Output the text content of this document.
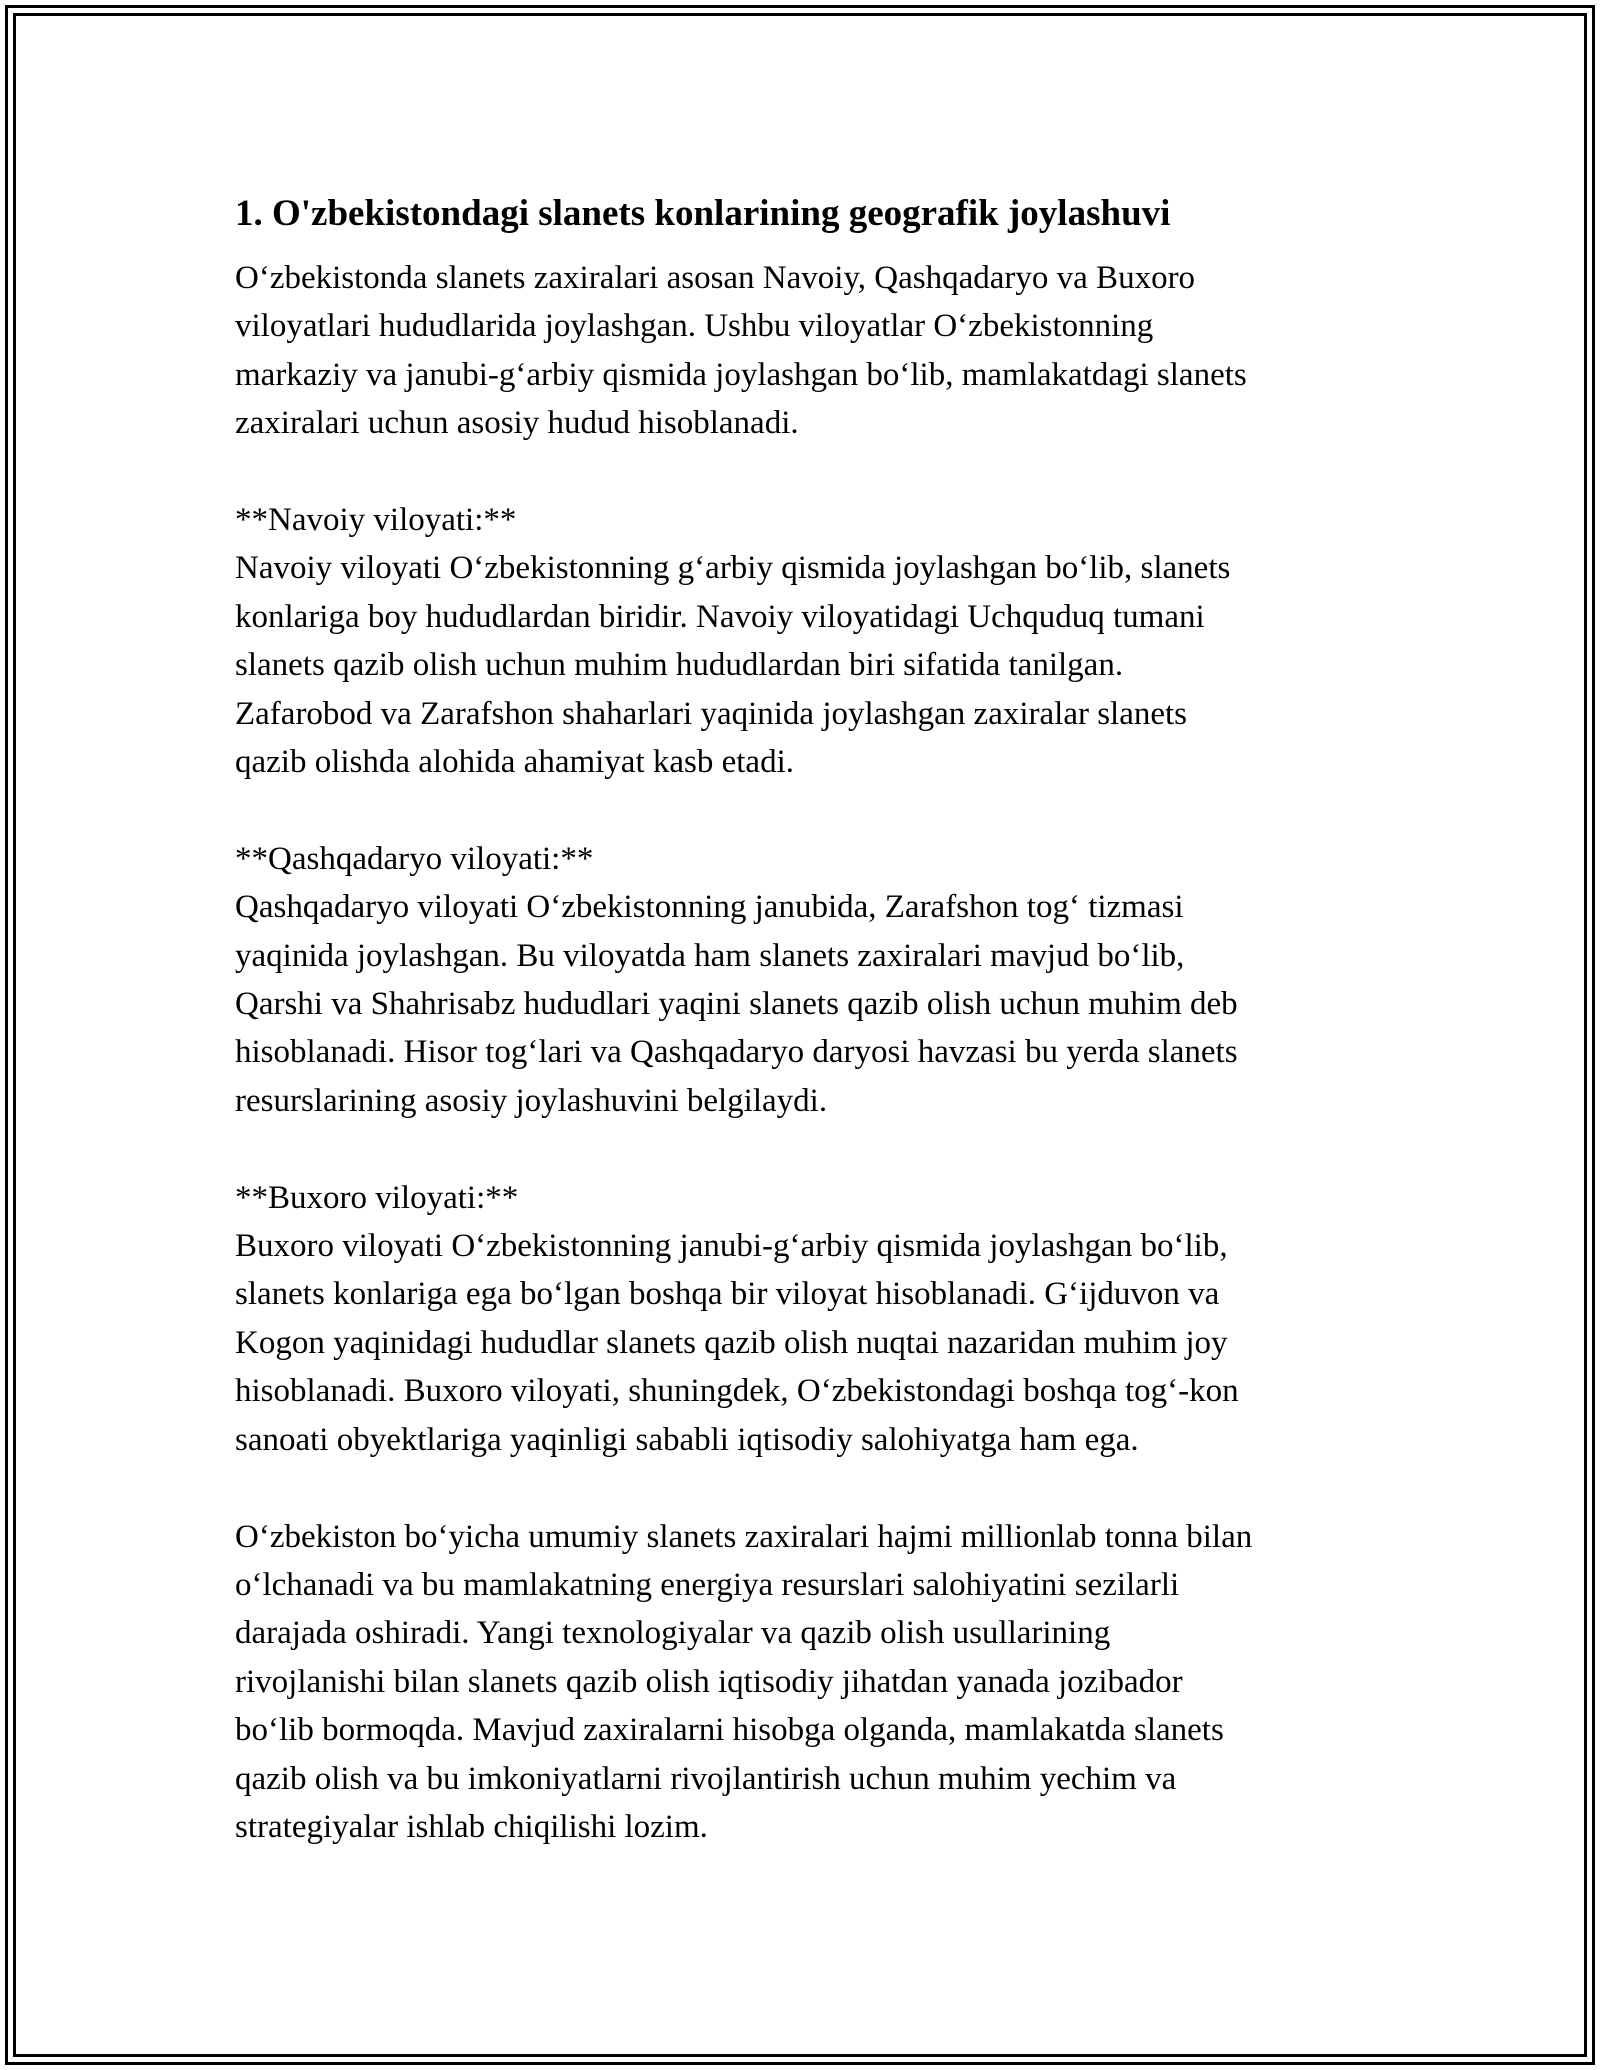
1. O'zbekistondagi slanets konlarining geografik joylashuvi
O‘zbekistonda slanets zaxiralari asosan Navoiy, Qashqadaryo va Buxoro
viloyatlari hududlarida joylashgan. Ushbu viloyatlar O‘zbekistonning
markaziy va janubi-g‘arbiy qismida joylashgan bo‘lib, mamlakatdagi slanets
zaxiralari uchun asosiy hudud hisoblanadi.
**Navoiy viloyati:**
Navoiy viloyati O‘zbekistonning g‘arbiy qismida joylashgan bo‘lib, slanets
konlariga boy hududlardan biridir. Navoiy viloyatidagi Uchquduq tumani
slanets qazib olish uchun muhim hududlardan biri sifatida tanilgan.
Zafarobod va Zarafshon shaharlari yaqinida joylashgan zaxiralar slanets
qazib olishda alohida ahamiyat kasb etadi.
**Qashqadaryo viloyati:**
Qashqadaryo viloyati O‘zbekistonning janubida, Zarafshon tog‘ tizmasi
yaqinida joylashgan. Bu viloyatda ham slanets zaxiralari mavjud bo‘lib,
Qarshi va Shahrisabz hududlari yaqini slanets qazib olish uchun muhim deb
hisoblanadi. Hisor tog‘lari va Qashqadaryo daryosi havzasi bu yerda slanets
resurslarining asosiy joylashuvini belgilaydi.
**Buxoro viloyati:**
Buxoro viloyati O‘zbekistonning janubi-g‘arbiy qismida joylashgan bo‘lib,
slanets konlariga ega bo‘lgan boshqa bir viloyat hisoblanadi. G‘ijduvon va
Kogon yaqinidagi hududlar slanets qazib olish nuqtai nazaridan muhim joy
hisoblanadi. Buxoro viloyati, shuningdek, O‘zbekistondagi boshqa tog‘-kon
sanoati obyektlariga yaqinligi sababli iqtisodiy salohiyatga ham ega.
O‘zbekiston bo‘yicha umumiy slanets zaxiralari hajmi millionlab tonna bilan
o‘lchanadi va bu mamlakatning energiya resurslari salohiyatini sezilarli
darajada oshiradi. Yangi texnologiyalar va qazib olish usullarining
rivojlanishi bilan slanets qazib olish iqtisodiy jihatdan yanada jozibador
bo‘lib bormoqda. Mavjud zaxiralarni hisobga olganda, mamlakatda slanets
qazib olish va bu imkoniyatlarni rivojlantirish uchun muhim yechim va
strategiyalar ishlab chiqilishi lozim.
